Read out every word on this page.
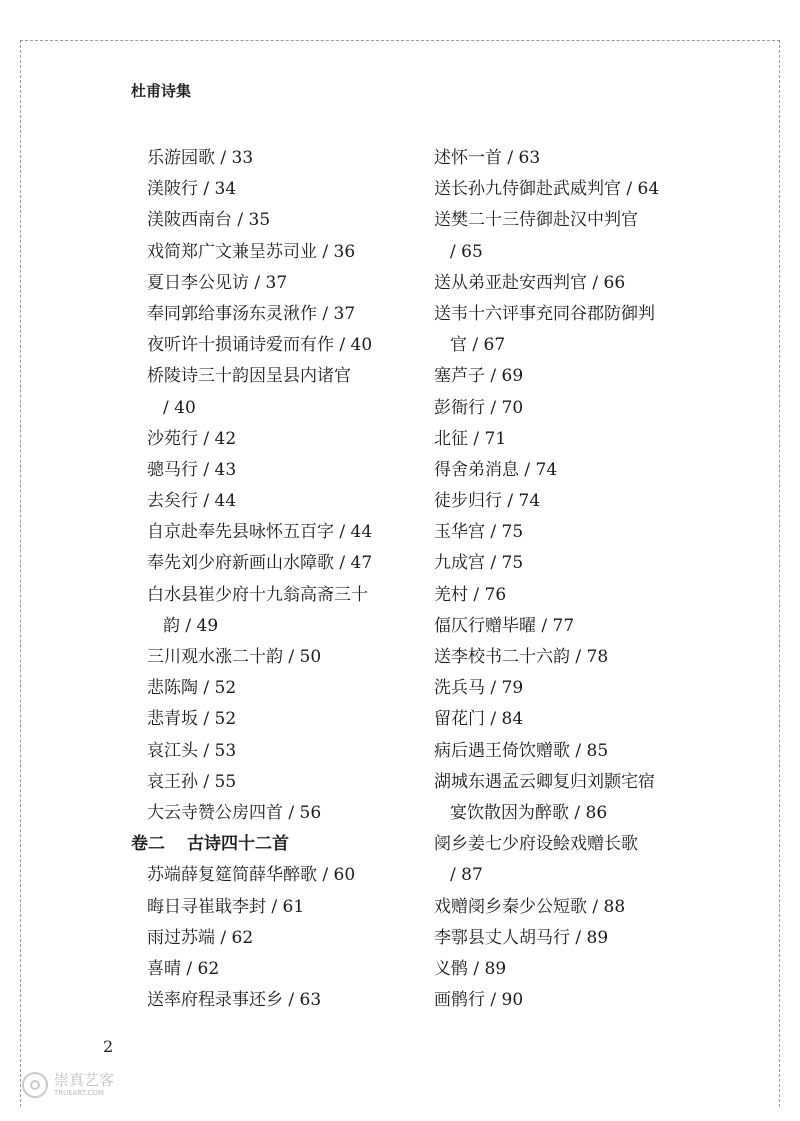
杜甫诗集
乐游园歌 / 33
渼陂行 / 34
渼陂西南台 / 35
戏简郑广文兼呈苏司业 / 36
夏日李公见访 / 37
奉同郭给事汤东灵湫作 / 37
夜听许十损诵诗爱而有作 / 40
桥陵诗三十韵因呈县内诸官
/ 40
沙苑行 / 42
骢马行 / 43
去矣行 / 44
自京赴奉先县咏怀五百字 / 44
奉先刘少府新画山水障歌 / 47
白水县崔少府十九翁高斋三十
韵 / 49
三川观水涨二十韵 / 50
悲陈陶 / 52
悲青坂 / 52
哀江头 / 53
哀王孙 / 55
大云寺赞公房四首 / 56
卷二 古诗四十二首
苏端薛复筵简薛华醉歌 / 60
晦日寻崔戢李封 / 61
雨过苏端 / 62
喜晴 / 62
送率府程录事还乡 / 63
述怀一首 / 63
送长孙九侍御赴武威判官 / 64
送樊二十三侍御赴汉中判官
/ 65
送从弟亚赴安西判官 / 66
送韦十六评事充同谷郡防御判
官 / 67
塞芦子 / 69
彭衙行 / 70
北征 / 71
得舍弟消息 / 74
徒步归行 / 74
玉华宫 / 75
九成宫 / 75
羌村 / 76
偪仄行赠毕曜 / 77
送李校书二十六韵 / 78
洗兵马 / 79
留花门 / 84
病后遇王倚饮赠歌 / 85
湖城东遇孟云卿复归刘颢宅宿
宴饮散因为醉歌 / 86
阌乡姜七少府设鲙戏赠长歌
/ 87
戏赠阌乡秦少公短歌 / 88
李鄠县丈人胡马行 / 89
义鹘 / 89
画鹘行 / 90
2
崇真艺客
TRUEART.COM
